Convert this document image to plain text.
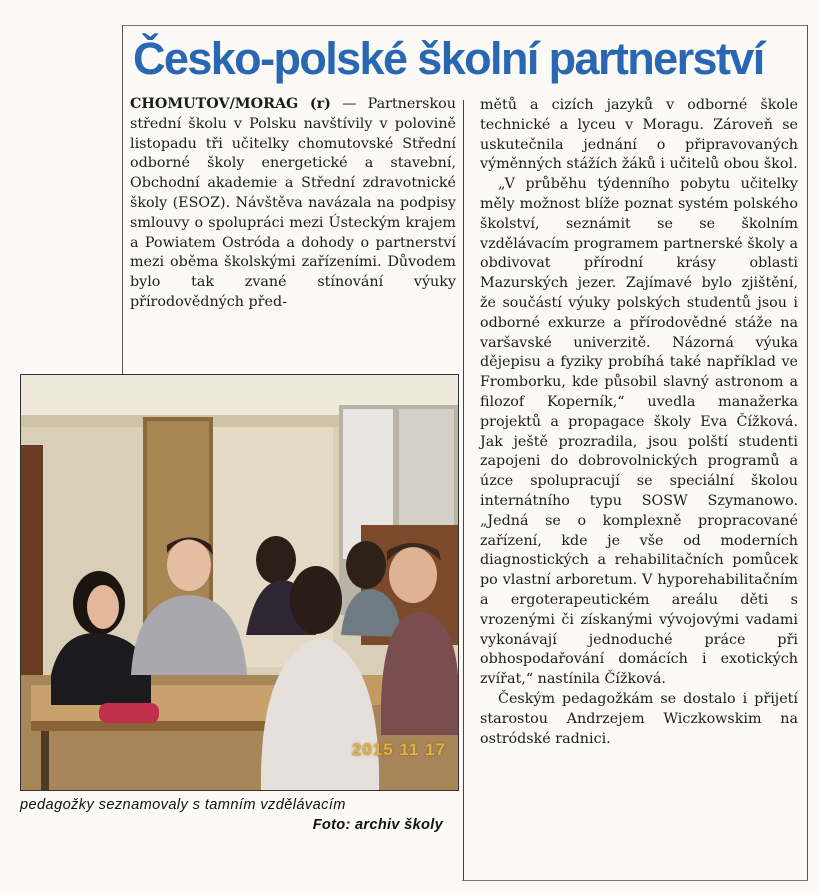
Česko-polské školní partnerství

CHOMUTOV/MORAG (r) — Partnerskou střední školu v Polsku navštívily v polovině listopadu tři učitelky chomutovské Střední odborné školy energetické a stavební, Obchodní akademie a Střední zdravotnické školy (ESOZ). Návštěva navázala na podpisy smlouvy o spolupráci mezi Ústeckým krajem a Powiatem Ostróda a dohody o partnerství mezi oběma školskými zařízeními. Důvodem bylo tak zvané stínování výuky přírodovědných před-

mětů a cizích jazyků v odborné škole technické a lyceu v Moragu. Zároveň se uskutečnila jednání o připravovaných výměnných stážích žáků i učitelů obou škol.

„V průběhu týdenního pobytu učitelky měly možnost blíže poznat systém polského školství, seznámit se se školním vzdělávacím programem partnerské školy a obdivovat přírodní krásy oblasti Mazurských jezer. Zajímavé bylo zjištění, že součástí výuky polských studentů jsou i odborné exkurze a přírodovědné stáže na varšavské univerzitě. Názorná výuka dějepisu a fyziky probíhá také například ve Fromborku, kde působil slavný astronom a filozof Koperník,“ uvedla manažerka projektů a propagace školy Eva Čížková. Jak ještě prozradila, jsou polští studenti zapojeni do dobrovolnických programů a úzce spolupracují se speciální školou internátního typu SOSW Szymanowo. „Jedná se o komplexně propracované zařízení, kde je vše od moderních diagnostických a rehabilitačních pomůcek po vlastní arboretum. V hyporehabilitačním a ergoterapeutickém areálu děti s vrozenými či získanými vývojovými vadami vykonávají jednoduché práce při obhospodařování domácích i exotických zvířat,“ nastínila Čížková.

Českým pedagožkám se dostalo i přijetí starostou Andrzejem Wiczkowskim na ostródské radnici.

2015 11 17
pedagožky seznamovaly s tamním vzdělávacím
Foto: archiv školy
